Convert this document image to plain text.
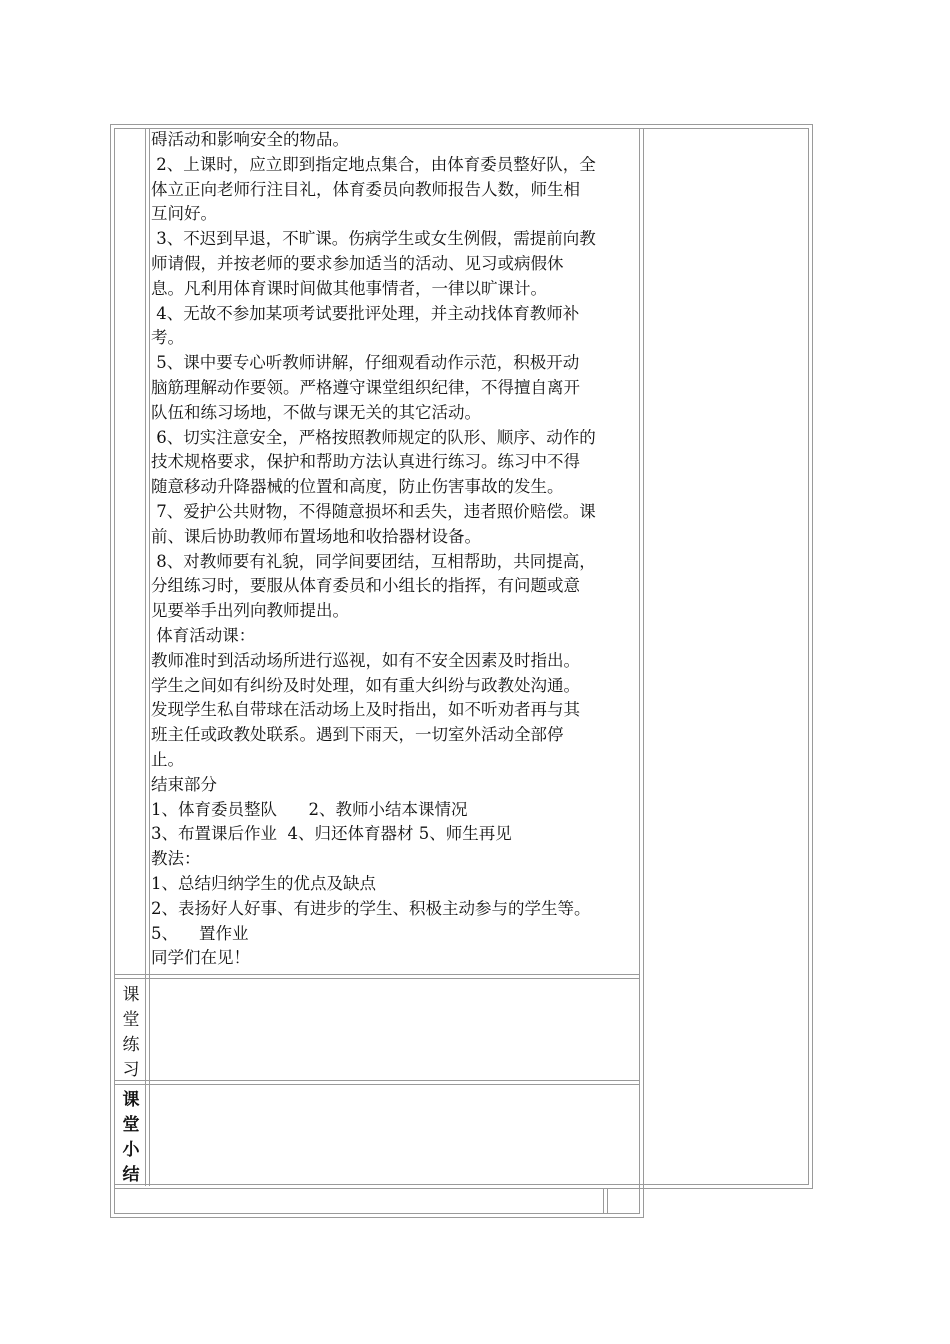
碍活动和影响安全的物品。

2、上课时，应立即到指定地点集合，由体育委员整好队，全

体立正向老师行注目礼，体育委员向教师报告人数，师生相

互问好。

3、不迟到早退，不旷课。伤病学生或女生例假，需提前向教

师请假，并按老师的要求参加适当的活动、见习或病假休

息。凡利用体育课时间做其他事情者，一律以旷课计。

4、无故不参加某项考试要批评处理，并主动找体育教师补

考。

5、课中要专心听教师讲解，仔细观看动作示范，积极开动

脑筋理解动作要领。严格遵守课堂组织纪律，不得擅自离开

队伍和练习场地，不做与课无关的其它活动。

6、切实注意安全，严格按照教师规定的队形、顺序、动作的

技术规格要求，保护和帮助方法认真进行练习。练习中不得

随意移动升降器械的位置和高度，防止伤害事故的发生。

7、爱护公共财物，不得随意损坏和丢失，违者照价赔偿。课

前、课后协助教师布置场地和收拾器材设备。

8、对教师要有礼貌，同学间要团结，互相帮助，共同提高，

分组练习时，要服从体育委员和小组长的指挥，有问题或意

见要举手出列向教师提出。

体育活动课：

教师准时到活动场所进行巡视，如有不安全因素及时指出。

学生之间如有纠纷及时处理，如有重大纠纷与政教处沟通。

发现学生私自带球在活动场上及时指出，如不听劝者再与其

班主任或政教处联系。遇到下雨天，一切室外活动全部停

止。

结束部分

1、体育委员整队      2、教师小结本课情况

3、布置课后作业  4、归还体育器材 5、师生再见

教法：

1、总结归纳学生的优点及缺点

2、表扬好人好事、有进步的学生、积极主动参与的学生等。

5、    置作业

同学们在见！

课
堂
练
习
课
堂
小
结
